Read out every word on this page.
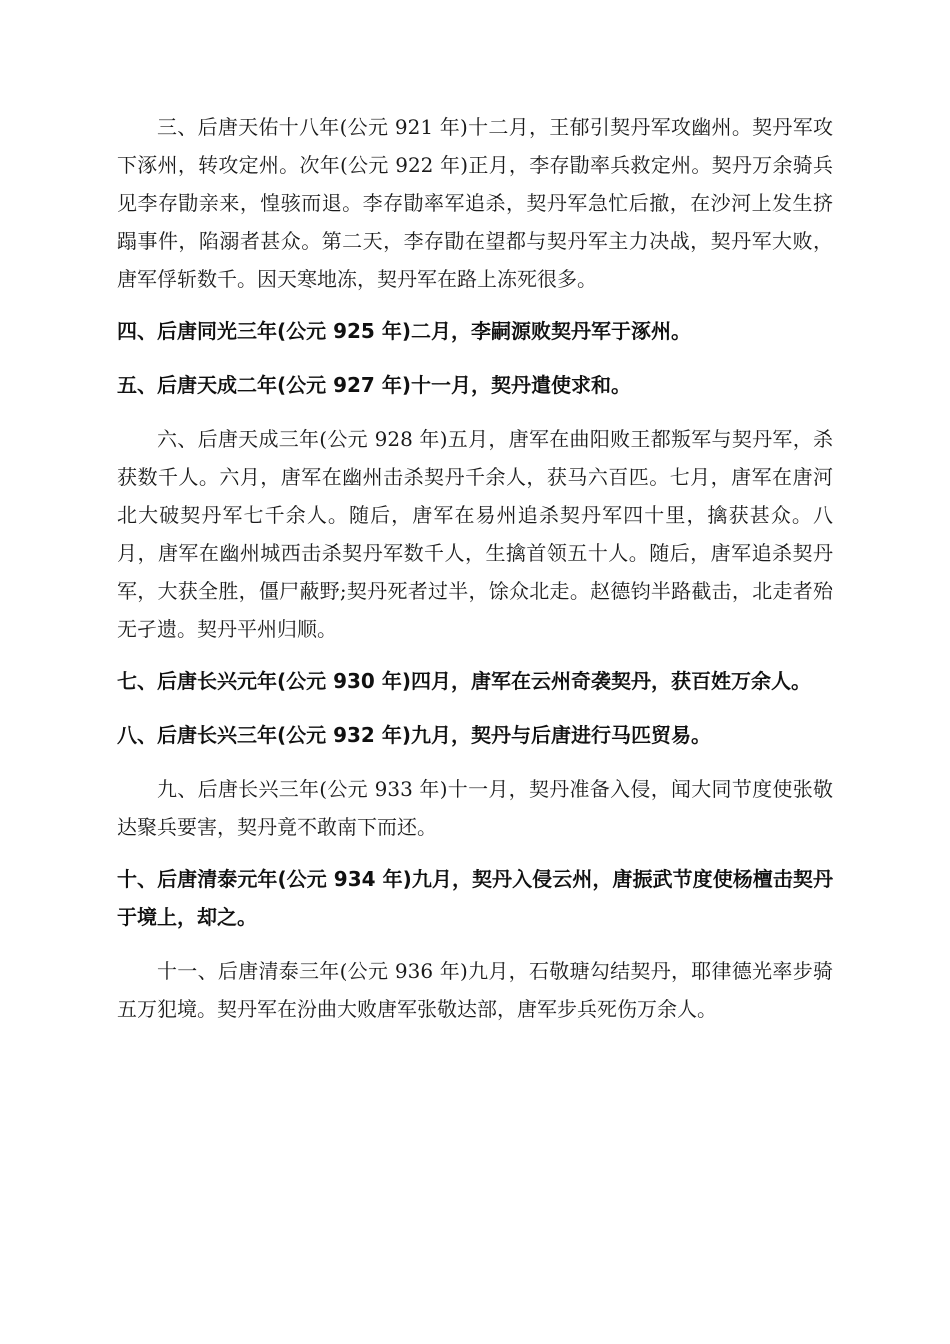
三、后唐天佑十八年(公元 921 年)十二月，王郁引契丹军攻幽州。契丹军攻下涿州，转攻定州。次年(公元 922 年)正月，李存勖率兵救定州。契丹万余骑兵见李存勖亲来，惶骇而退。李存勖率军追杀，契丹军急忙后撤，在沙河上发生挤蹋事件，陷溺者甚众。第二天，李存勖在望都与契丹军主力决战，契丹军大败，唐军俘斩数千。因天寒地冻，契丹军在路上冻死很多。

四、后唐同光三年(公元 925 年)二月，李嗣源败契丹军于涿州。

五、后唐天成二年(公元 927 年)十一月，契丹遣使求和。

六、后唐天成三年(公元 928 年)五月，唐军在曲阳败王都叛军与契丹军，杀获数千人。六月，唐军在幽州击杀契丹千余人，获马六百匹。七月，唐军在唐河北大破契丹军七千余人。随后，唐军在易州追杀契丹军四十里，擒获甚众。八月，唐军在幽州城西击杀契丹军数千人，生擒首领五十人。随后，唐军追杀契丹军，大获全胜，僵尸蔽野;契丹死者过半，馀众北走。赵德钧半路截击，北走者殆无孑遗。契丹平州归顺。

七、后唐长兴元年(公元 930 年)四月，唐军在云州奇袭契丹，获百姓万余人。

八、后唐长兴三年(公元 932 年)九月，契丹与后唐进行马匹贸易。

九、后唐长兴三年(公元 933 年)十一月，契丹准备入侵，闻大同节度使张敬达聚兵要害，契丹竟不敢南下而还。

十、后唐清泰元年(公元 934 年)九月，契丹入侵云州，唐振武节度使杨檀击契丹于境上，却之。

十一、后唐清泰三年(公元 936 年)九月，石敬瑭勾结契丹，耶律德光率步骑五万犯境。契丹军在汾曲大败唐军张敬达部，唐军步兵死伤万余人。
